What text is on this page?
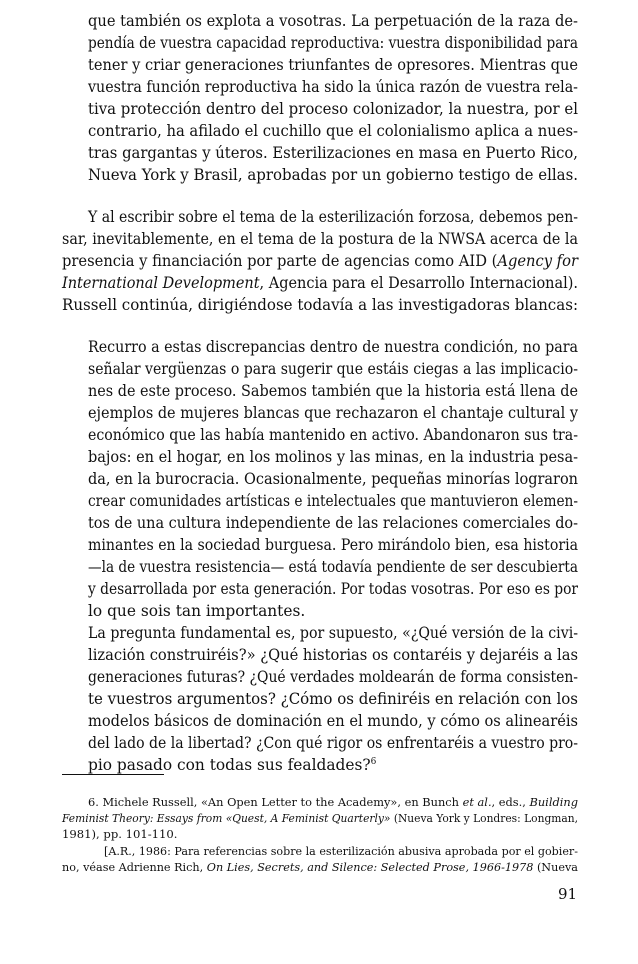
que también os explota a vosotras. La perpetuación de la raza de-
pendía de vuestra capacidad reproductiva: vuestra disponibilidad para
tener y criar generaciones triunfantes de opresores. Mientras que
vuestra función reproductiva ha sido la única razón de vuestra rela-
tiva protección dentro del proceso colonizador, la nuestra, por el
contrario, ha afilado el cuchillo que el colonialismo aplica a nues-
tras gargantas y úteros. Esterilizaciones en masa en Puerto Rico,
Nueva York y Brasil, aprobadas por un gobierno testigo de ellas.
Y al escribir sobre el tema de la esterilización forzosa, debemos pen-
sar, inevitablemente, en el tema de la postura de la NWSA acerca de la
presencia y financiación por parte de agencias como AID (Agency for
International Development, Agencia para el Desarrollo Internacional).
Russell continúa, dirigiéndose todavía a las investigadoras blancas:
Recurro a estas discrepancias dentro de nuestra condición, no para
señalar vergüenzas o para sugerir que estáis ciegas a las implicacio-
nes de este proceso. Sabemos también que la historia está llena de
ejemplos de mujeres blancas que rechazaron el chantaje cultural y
económico que las había mantenido en activo. Abandonaron sus tra-
bajos: en el hogar, en los molinos y las minas, en la industria pesa-
da, en la burocracia. Ocasionalmente, pequeñas minorías lograron
crear comunidades artísticas e intelectuales que mantuvieron elemen-
tos de una cultura independiente de las relaciones comerciales do-
minantes en la sociedad burguesa. Pero mirándolo bien, esa historia
—la de vuestra resistencia— está todavía pendiente de ser descubierta
y desarrollada por esta generación. Por todas vosotras. Por eso es por
lo que sois tan importantes.
La pregunta fundamental es, por supuesto, «¿Qué versión de la civi-
lización construiréis?» ¿Qué historias os contaréis y dejaréis a las
generaciones futuras? ¿Qué verdades moldearán de forma consisten-
te vuestros argumentos? ¿Cómo os definiréis en relación con los
modelos básicos de dominación en el mundo, y cómo os alinearéis
del lado de la libertad? ¿Con qué rigor os enfrentaréis a vuestro pro-
pio pasado con todas sus fealdades?$^6$
6. Michele Russell, «An Open Letter to the Academy», en Bunch et al., eds., Building
Feminist Theory: Essays from «Quest, A Feminist Quarterly» (Nueva York y Londres: Longman,
1981), pp. 101-110.
[A.R., 1986: Para referencias sobre la esterilización abusiva aprobada por el gobier-
no, véase Adrienne Rich, On Lies, Secrets, and Silence: Selected Prose, 1966-1978 (Nueva
91
